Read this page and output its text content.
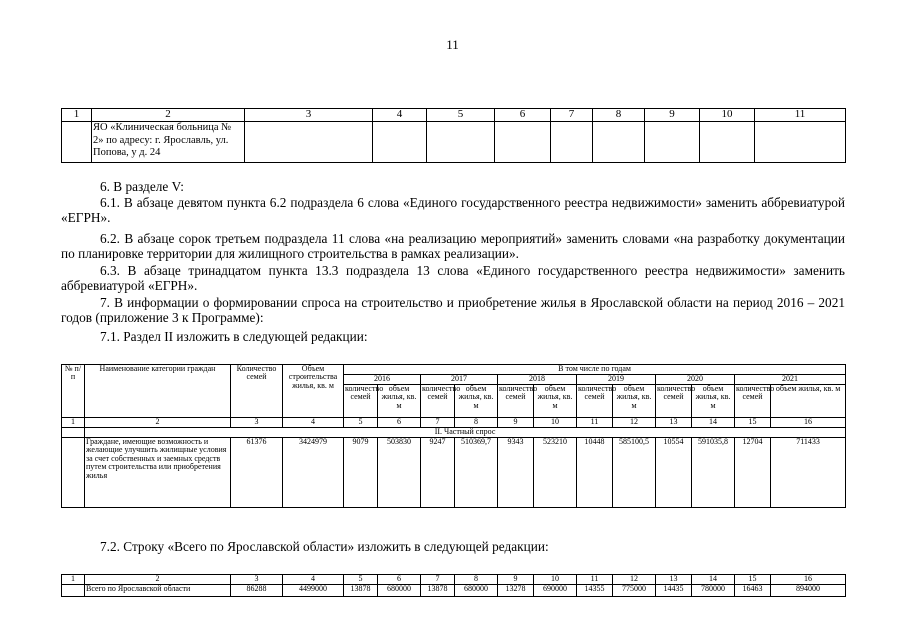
11
1	2	3	4	5	6	7	8	9	10	11
	ЯО «Клиническая больница № 2» по адресу: г. Ярославль, ул. Попова, у д. 24									

6. В разделе V:

6.1. В абзаце девятом пункта 6.2 подраздела 6 слова «Единого государственного реестра недвижимости» заменить аббревиатурой «ЕГРН».

6.2. В абзаце сорок третьем подраздела 11 слова «на реализацию мероприятий» заменить словами «на разработку документации по планировке территории для жилищного строительства в рамках реализации».

6.3. В абзаце тринадцатом пункта 13.3 подраздела 13 слова «Единого государственного реестра недвижимости» заменить аббревиатурой «ЕГРН».

7. В информации о формировании спроса на строительство и приобретение жилья в Ярославской области на период 2016 – 2021 годов (приложение 3 к Программе):

7.1. Раздел II изложить в следующей редакции:

№ п/п	Наименование категории граждан	Количество семей	Объем строительства жилья, кв. м	В том числе по годам											
				2016		2017		2018		2019		2020		2021	
				количество семей	объем жилья, кв. м	количество семей	объем жилья, кв. м	количество семей	объем жилья, кв. м	количество семей	объем жилья, кв. м	количество семей	объем жилья, кв. м	количество семей	объем жилья, кв. м
1	2	3	4	5	6	7	8	9	10	11	12	13	14	15	16
	II. Частный спрос														
	Граждане, имеющие возможность и желающие улучшить жилищные условия за счет собственных и заемных средств путем строительства или приобретения жилья	61376	3424979	9079	503830	9247	510369,7	9343	523210	10448	585100,5	10554	591035,8	12704	711433

7.2. Строку «Всего по Ярославской области» изложить в следующей редакции:

1	2	3	4	5	6	7	8	9	10	11	12	13	14	15	16
	Всего по Ярославской области	86288	4499000	13878	680000	13878	680000	13278	690000	14355	775000	14435	780000	16463	894000
